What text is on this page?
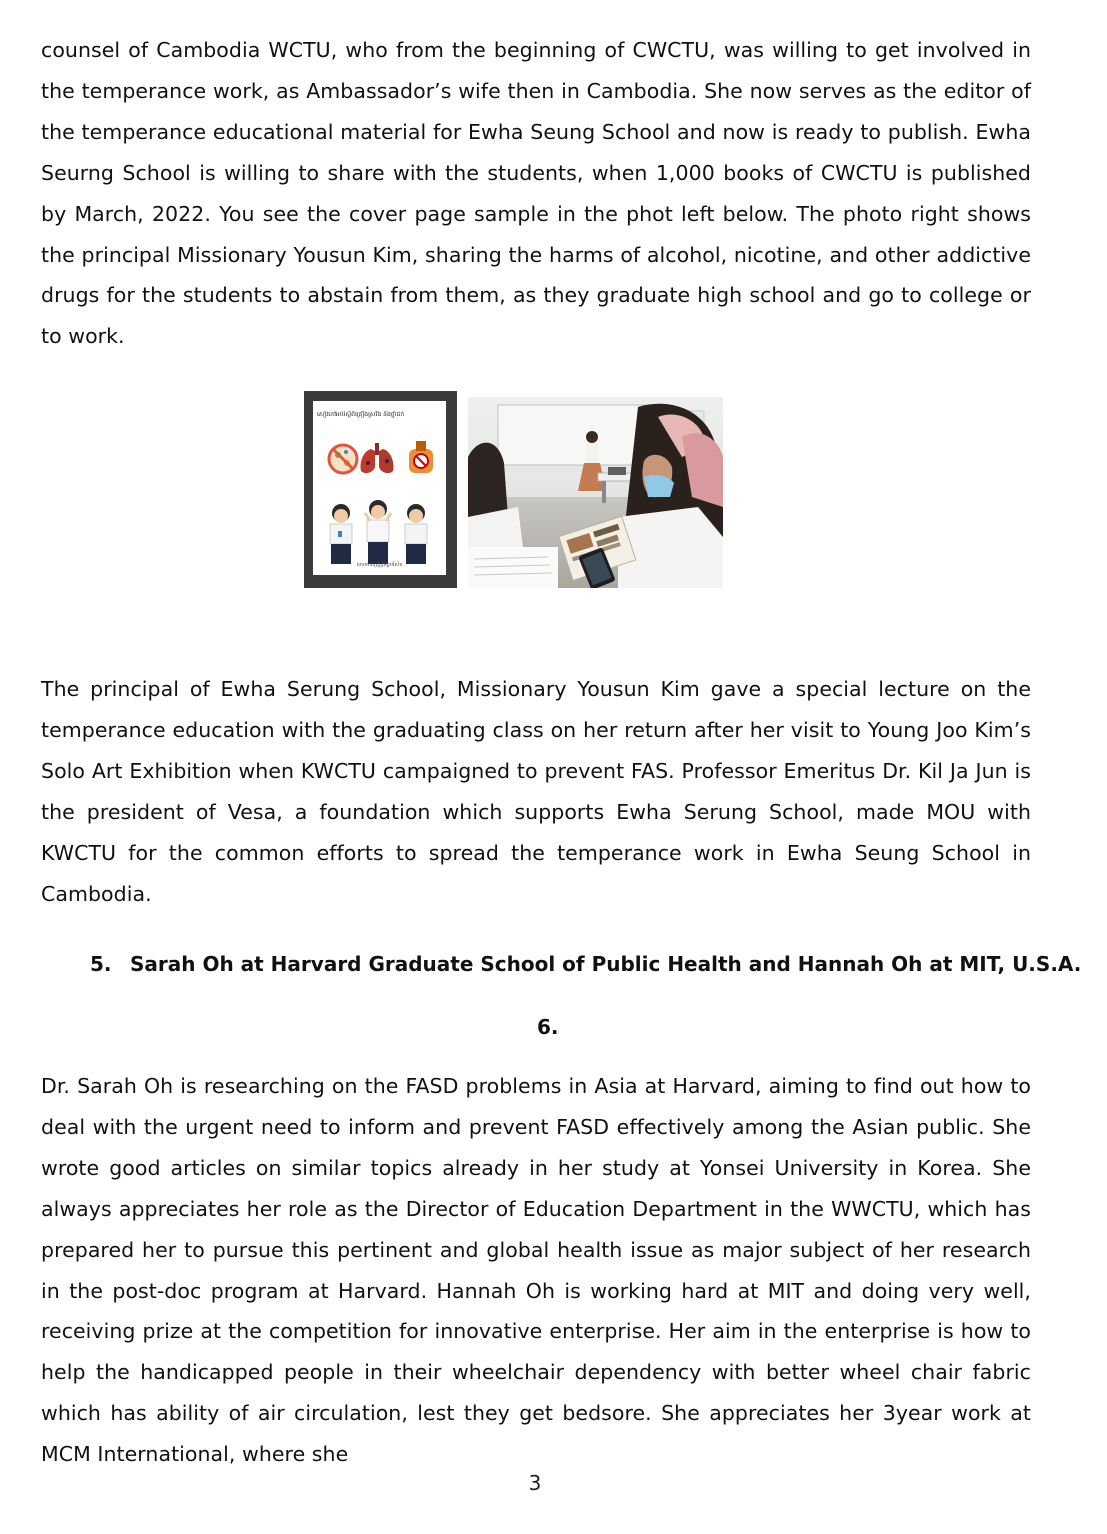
counsel of Cambodia WCTU, who from the beginning of CWCTU, was willing to get involved in the temperance work, as Ambassador’s wife then in Cambodia. She now serves as the editor of the temperance educational material for Ewha Seung School and now is ready to publish. Ewha Seurng School is willing to share with the students, when 1,000 books of CWCTU is published by March, 2022. You see the cover page sample in the phot left below. The photo right shows the principal Missionary Yousun Kim, sharing the harms of alcohol, nicotine, and other addictive drugs for the students to abstain from them, as they graduate high school and go to college or to work.

សៀវភៅអប់រំស្តីពីគ្រឿងស្រវឹង និងថ្នាំជក់
សហភាពស្ត្រីគ្រិស្តបរិស័ទ

The principal of Ewha Serung School, Missionary Yousun Kim gave a special lecture on the temperance education with the graduating class on her return after her visit to Young Joo Kim’s Solo Art Exhibition when KWCTU campaigned to prevent FAS. Professor Emeritus Dr. Kil Ja Jun is the president of Vesa, a foundation which supports Ewha Serung School, made MOU with KWCTU for the common efforts to spread the temperance work in Ewha Seung School in Cambodia.

5. Sarah Oh at Harvard Graduate School of Public Health and Hannah Oh at MIT, U.S.A.
6.

Dr. Sarah Oh is researching on the FASD problems in Asia at Harvard, aiming to find out how to deal with the urgent need to inform and prevent FASD effectively among the Asian public. She wrote good articles on similar topics already in her study at Yonsei University in Korea. She always appreciates her role as the Director of Education Department in the WWCTU, which has prepared her to pursue this pertinent and global health issue as major subject of her research in the post-doc program at Harvard. Hannah Oh is working hard at MIT and doing very well, receiving prize at the competition for innovative enterprise. Her aim in the enterprise is how to help the handicapped people in their wheelchair dependency with better wheel chair fabric which has ability of air circulation, lest they get bedsore. She appreciates her 3year work at MCM International, where she

3
